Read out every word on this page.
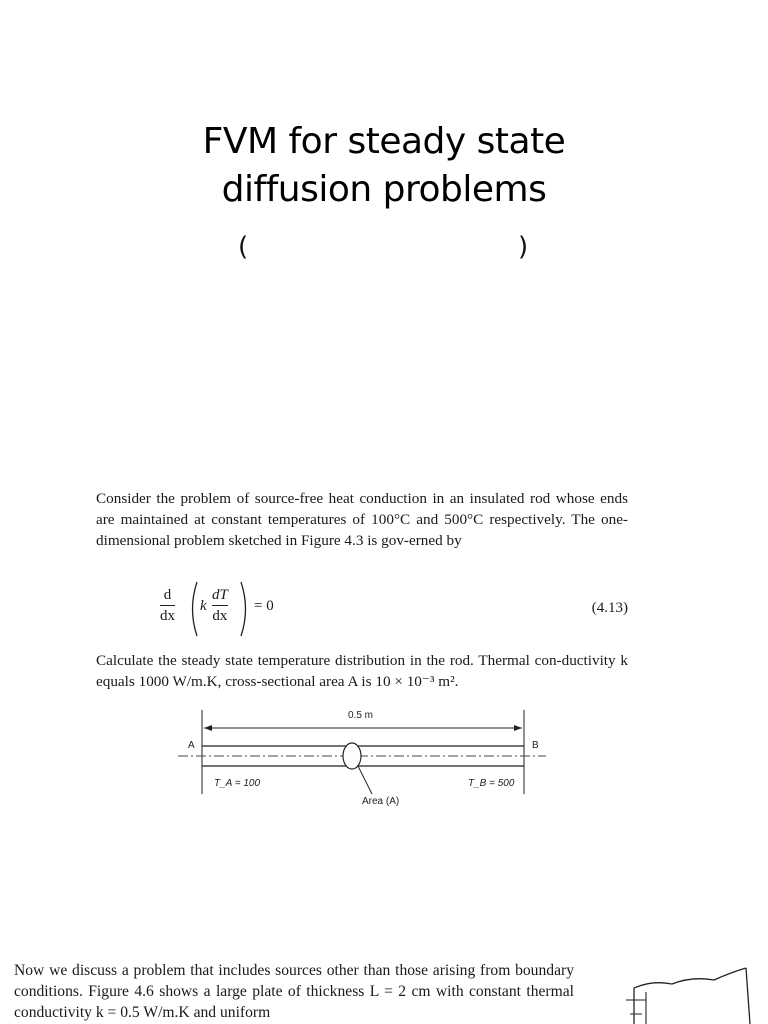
FVM for steady state
diffusion problems
(	)
Consider the problem of source-free heat conduction in an insulated rod whose ends are maintained at constant temperatures of 100°C and 500°C respectively. The one-dimensional problem sketched in Figure 4.3 is gov-erned by
d
dx
k
dT
dx
= 0	(4.13)
Calculate the steady state temperature distribution in the rod. Thermal con-ductivity k equals 1000 W/m.K, cross-sectional area A is 10 × 10⁻³ m².
0.5 m
A	B
T_A = 100	T_B = 500
Area (A)
Now we discuss a problem that includes sources other than those arising from boundary conditions. Figure 4.6 shows a large plate of thickness L = 2 cm with constant thermal conductivity k = 0.5 W/m.K and uniform
